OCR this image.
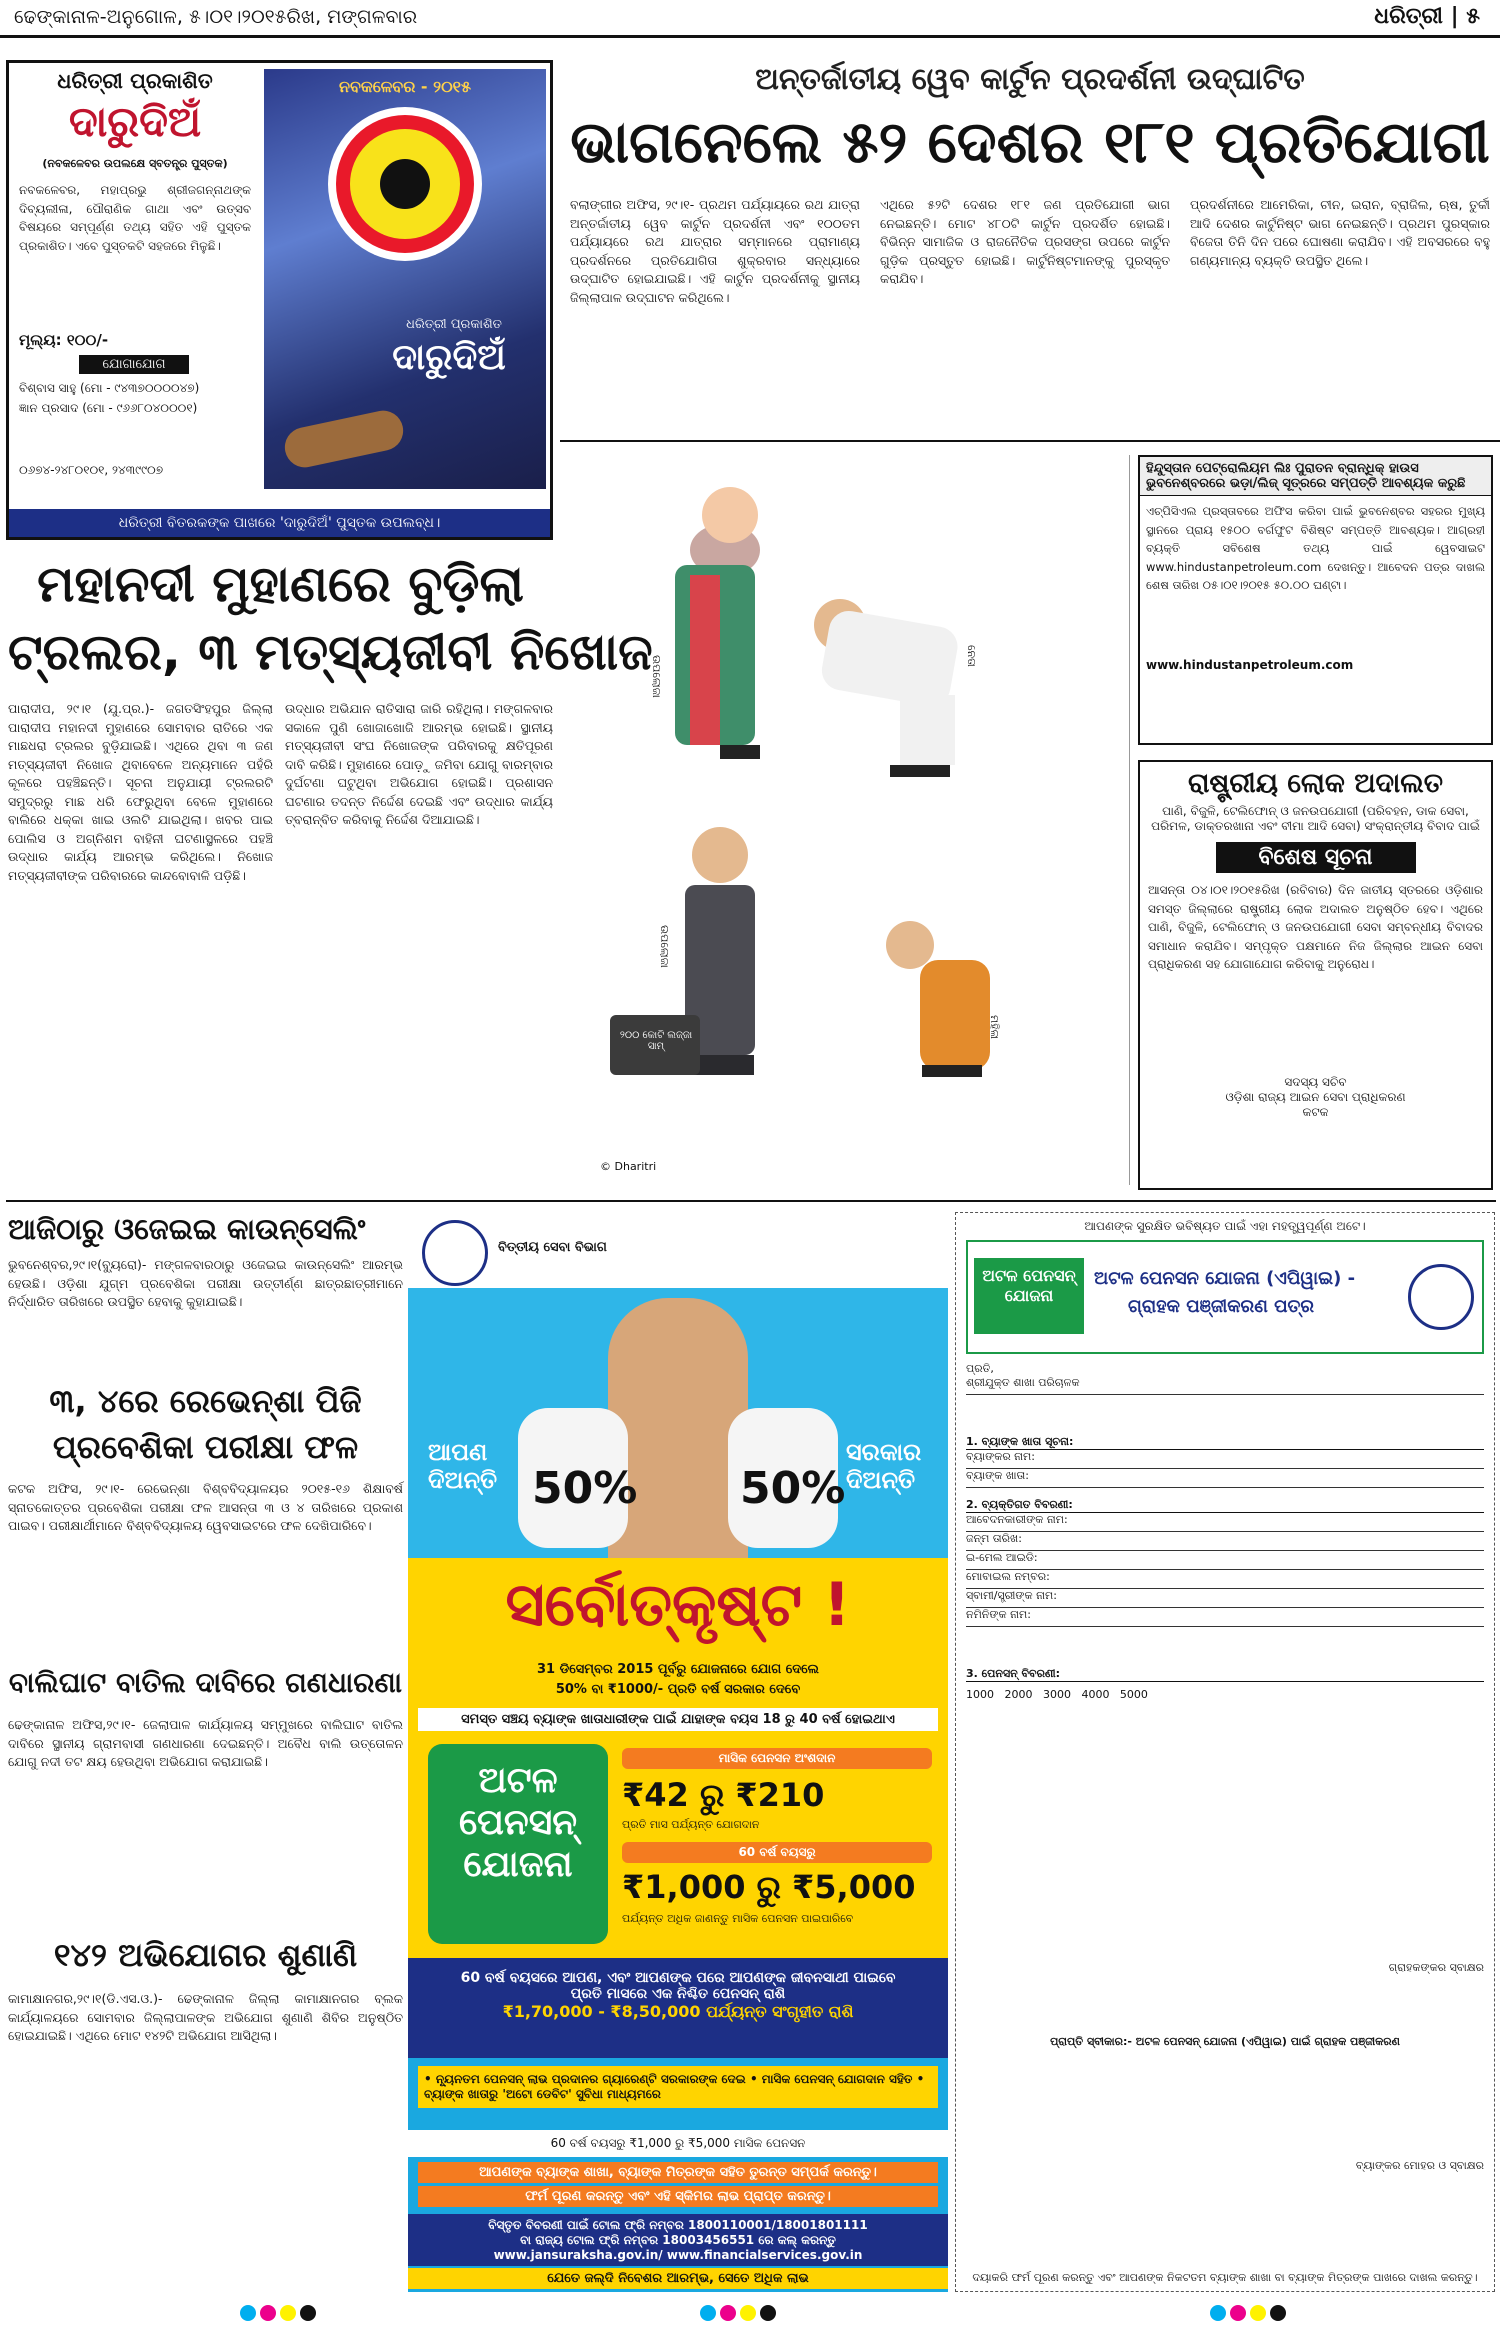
ଢେଙ୍କାନାଳ-ଅନୁଗୋଳ, ୫।୦୧।୨୦୧୫ରିଖ, ମଙ୍ଗଳବାର	ଧରିତ୍ରୀ | ୫
ଧରିତ୍ରୀ ପ୍ରକାଶିତ
ଦାରୁଦିଅଁ
(ନବକଳେବର ଉପଲକ୍ଷେ ସ୍ବତନ୍ତ୍ର ପୁସ୍ତକ)
ନବକଳେବର, ମହାପ୍ରଭୁ ଶ୍ରୀଜଗନ୍ନାଥଙ୍କ ଦିବ୍ୟଲୀଳା, ପୌରାଣିକ ଗାଥା ଏବଂ ଉତ୍ସବ ବିଷୟରେ ସମ୍ପୂର୍ଣ୍ଣ ତଥ୍ୟ ସହିତ ଏହି ପୁସ୍ତକ ପ୍ରକାଶିତ। ଏବେ ପୁସ୍ତକଟି ସହଜରେ ମିଳୁଛି।
ମୂଲ୍ୟ: ୧୦୦/-
ଯୋଗାଯୋଗ
ବିଶ୍ବାସ ସାହୁ (ମୋ - ୯୪୩୭୦୦୦୦୪୭)
ଜ୍ଞାନ ପ୍ରସାଦ (ମୋ - ୯୬୬୮୦୪୦୦୦୧)
୦୬୭୪-୨୪୮୦୧୦୧, ୨୪୩୯୯୦୭
ନବକଳେବର - ୨୦୧୫
ଧରିତ୍ରୀ ପ୍ରକାଶିତ
ଦାରୁଦିଅଁ
ଧରିତ୍ରୀ ବିତରକଙ୍କ ପାଖରେ 'ଦାରୁଦିଅଁ' ପୁସ୍ତକ ଉପଲବ୍ଧ।
ଅନ୍ତର୍ଜାତୀୟ ୱେବ କାର୍ଟୁନ ପ୍ରଦର୍ଶନୀ ଉଦ୍‌ଘାଟିତ
ଭାଗନେଲେ ୫୨ ଦେଶର ୧୮୧ ପ୍ରତିଯୋଗୀ
ବଲାଙ୍ଗୀର ଅଫିସ, ୨୯।୧- ପ୍ରଥମ ପର୍ଯ୍ୟାୟରେ ରଥ ଯାତ୍ରା ଅନ୍ତର୍ଜାତୀୟ ୱେବ କାର୍ଟୁନ ପ୍ରଦର୍ଶନୀ ଏବଂ ୧୦୦ତମ ପର୍ଯ୍ୟାୟରେ ରଥ ଯାତ୍ରାର ସମ୍ମାନରେ ପ୍ରାମାଣ୍ୟ ପ୍ରଦର୍ଶନରେ ପ୍ରତିଯୋଗିତା ଶୁକ୍ରବାର ସନ୍ଧ୍ୟାରେ ଉଦ୍‌ଘାଟିତ ହୋଇଯାଇଛି। ଏହି କାର୍ଟୁନ ପ୍ରଦର୍ଶନୀକୁ ସ୍ଥାନୀୟ ଜିଲ୍ଲାପାଳ ଉଦ୍‌ଘାଟନ କରିଥିଲେ।
ଏଥିରେ ୫୨ଟି ଦେଶର ୧୮୧ ଜଣ ପ୍ରତିଯୋଗୀ ଭାଗ ନେଇଛନ୍ତି। ମୋଟ ୪୮୦ଟି କାର୍ଟୁନ ପ୍ରଦର୍ଶିତ ହୋଇଛି। ବିଭିନ୍ନ ସାମାଜିକ ଓ ରାଜନୈତିକ ପ୍ରସଙ୍ଗ ଉପରେ କାର୍ଟୁନ ଗୁଡ଼ିକ ପ୍ରସ୍ତୁତ ହୋଇଛି। କାର୍ଟୁନିଷ୍ଟମାନଙ୍କୁ ପୁରସ୍କୃତ କରାଯିବ।
ପ୍ରଦର୍ଶନୀରେ ଆମେରିକା, ଚୀନ, ଇରାନ, ବ୍ରାଜିଲ, ଋଷ, ତୁର୍କୀ ଆଦି ଦେଶର କାର୍ଟୁନିଷ୍ଟ ଭାଗ ନେଇଛନ୍ତି। ପ୍ରଥମ ପୁରସ୍କାର ବିଜେତା ତିନି ଦିନ ପରେ ଘୋଷଣା କରାଯିବ। ଏହି ଅବସରରେ ବହୁ ଗଣ୍ୟମାନ୍ୟ ବ୍ୟକ୍ତି ଉପସ୍ଥିତ ଥିଲେ।
ଉପଲୋଜା	ନେତା
ଉପଲୋଜା
ମହିଳା
୨୦୦ କୋଟି ଲଜ୍ଜା ସାମ୍
© Dharitri
ହିନ୍ଦୁସ୍ତାନ ପେଟ୍ରୋଲିୟମ ଲିଃ ପୁରାତନ ବ୍ରାନ୍ଧିକ୍ ହାଉସ ଭୁବନେଶ୍ବରରେ ଭଡ଼ା/ଲିଜ୍ ସୂତ୍ରରେ ସମ୍ପତ୍ତି ଆବଶ୍ୟକ କରୁଛି
ଏଚ୍‌ପିସିଏଲ ପ୍ରସ୍ତାବରେ ଅଫିସ କରିବା ପାଇଁ ଭୁବନେଶ୍ବର ସହରର ମୁଖ୍ୟ ସ୍ଥାନରେ ପ୍ରାୟ ୧୫୦୦ ବର୍ଗଫୁଟ ବିଶିଷ୍ଟ ସମ୍ପତ୍ତି ଆବଶ୍ୟକ। ଆଗ୍ରହୀ ବ୍ୟକ୍ତି ସବିଶେଷ ତଥ୍ୟ ପାଇଁ ୱେବସାଇଟ www.hindustanpetroleum.com ଦେଖନ୍ତୁ। ଆବେଦନ ପତ୍ର ଦାଖଲ ଶେଷ ତାରିଖ ୦୫।୦୧।୨୦୧୫ ୫୦.୦୦ ଘଣ୍ଟା।
www.hindustanpetroleum.com
ରାଷ୍ଟ୍ରୀୟ ଲୋକ ଅଦାଲତ
ପାଣି, ବିଜୁଳି, ଟେଲିଫୋନ୍ ଓ ଜନଉପଯୋଗୀ (ପରିବହନ, ଡାକ ସେବା, ପରିମଳ, ଡାକ୍ତରଖାନା ଏବଂ ବୀମା ଆଦି ସେବା) ସଂକ୍ରାନ୍ତୀୟ ବିବାଦ ପାଇଁ
ବିଶେଷ ସୂଚନା
ଆସନ୍ତା ୦୪।୦୧।୨୦୧୫ରିଖ (ରବିବାର) ଦିନ ଜାତୀୟ ସ୍ତରରେ ଓଡ଼ିଶାର ସମସ୍ତ ଜିଲ୍ଲାରେ ରାଷ୍ଟ୍ରୀୟ ଲୋକ ଅଦାଲତ ଅନୁଷ୍ଠିତ ହେବ। ଏଥିରେ ପାଣି, ବିଜୁଳି, ଟେଲିଫୋନ୍ ଓ ଜନଉପଯୋଗୀ ସେବା ସମ୍ବନ୍ଧୀୟ ବିବାଦର ସମାଧାନ କରାଯିବ। ସମ୍ପୃକ୍ତ ପକ୍ଷମାନେ ନିଜ ଜିଲ୍ଲାର ଆଇନ ସେବା ପ୍ରାଧିକରଣ ସହ ଯୋଗାଯୋଗ କରିବାକୁ ଅନୁରୋଧ।
ସଦସ୍ୟ ସଚିବ
ଓଡ଼ିଶା ରାଜ୍ୟ ଆଇନ ସେବା ପ୍ରାଧିକରଣ
କଟକ
ମହାନଦୀ ମୁହାଣରେ ବୁଡ଼ିଲା
ଟ୍ରଲର, ୩ ମତ୍ସ୍ୟଜୀବୀ ନିଖୋଜ
ପାରାଦୀପ, ୨୯।୧ (ଯୁ.ପ୍ର.)- ଜଗତସିଂହପୁର ଜିଲ୍ଲା ପାରାଦୀପ ମହାନଦୀ ମୁହାଣରେ ସୋମବାର ରାତିରେ ଏକ ମାଛଧରା ଟ୍ରଲର ବୁଡ଼ିଯାଇଛି। ଏଥିରେ ଥିବା ୩ ଜଣ ମତ୍ସ୍ୟଜୀବୀ ନିଖୋଜ ଥିବାବେଳେ ଅନ୍ୟମାନେ ପହଁରି କୂଳରେ ପହଞ୍ଚିଛନ୍ତି। ସୂଚନା ଅନୁଯାୟୀ ଟ୍ରଲରଟି ସମୁଦ୍ରରୁ ମାଛ ଧରି ଫେରୁଥିବା ବେଳେ ମୁହାଣରେ ବାଲିରେ ଧକ୍କା ଖାଇ ଓଲଟି ଯାଇଥିଲା। ଖବର ପାଇ ପୋଲିସ ଓ ଅଗ୍ନିଶମ ବାହିନୀ ଘଟଣାସ୍ଥଳରେ ପହଞ୍ଚି ଉଦ୍ଧାର କାର୍ଯ୍ୟ ଆରମ୍ଭ କରିଥିଲେ। ନିଖୋଜ ମତ୍ସ୍ୟଜୀବୀଙ୍କ ପରିବାରରେ କାନ୍ଦବୋବାଳି ପଡ଼ିଛି।
ଉଦ୍ଧାର ଅଭିଯାନ ରାତିସାରା ଜାରି ରହିଥିଲା। ମଙ୍ଗଳବାର ସକାଳେ ପୁଣି ଖୋଜାଖୋଜି ଆରମ୍ଭ ହୋଇଛି। ସ୍ଥାନୀୟ ମତ୍ସ୍ୟଜୀବୀ ସଂଘ ନିଖୋଜଙ୍କ ପରିବାରକୁ କ୍ଷତିପୂରଣ ଦାବି କରିଛି। ମୁହାଣରେ ପୋଡ଼ୁ ଜମିବା ଯୋଗୁ ବାରମ୍ବାର ଦୁର୍ଘଟଣା ଘଟୁଥିବା ଅଭିଯୋଗ ହୋଇଛି। ପ୍ରଶାସନ ଘଟଣାର ତଦନ୍ତ ନିର୍ଦ୍ଦେଶ ଦେଇଛି ଏବଂ ଉଦ୍ଧାର କାର୍ଯ୍ୟ ତ୍ବରାନ୍ବିତ କରିବାକୁ ନିର୍ଦ୍ଦେଶ ଦିଆଯାଇଛି।
ଆଜିଠାରୁ ଓଜେଇଇ କାଉନ୍‌ସେଲିଂ
ଭୁବନେଶ୍ବର,୨୯।୧(ବ୍ୟୁରୋ)- ମଙ୍ଗଳବାରଠାରୁ ଓଜେଇଇ କାଉନ୍‌ସେଲିଂ ଆରମ୍ଭ ହେଉଛି। ଓଡ଼ିଶା ଯୁଗ୍ମ ପ୍ରବେଶିକା ପରୀକ୍ଷା ଉତ୍ତୀର୍ଣ୍ଣ ଛାତ୍ରଛାତ୍ରୀମାନେ ନିର୍ଦ୍ଧାରିତ ତାରିଖରେ ଉପସ୍ଥିତ ହେବାକୁ କୁହାଯାଇଛି।
୩, ୪ରେ ରେଭେନ୍‌ଶା ପିଜି
ପ୍ରବେଶିକା ପରୀକ୍ଷା ଫଳ
କଟକ ଅଫିସ, ୨୯।୧- ରେଭେନ୍‌ଶା ବିଶ୍ବବିଦ୍ୟାଳୟର ୨୦୧୫-୧୬ ଶିକ୍ଷାବର୍ଷ ସ୍ନାତକୋତ୍ତର ପ୍ରବେଶିକା ପରୀକ୍ଷା ଫଳ ଆସନ୍ତା ୩ ଓ ୪ ତାରିଖରେ ପ୍ରକାଶ ପାଇବ। ପରୀକ୍ଷାର୍ଥୀମାନେ ବିଶ୍ବବିଦ୍ୟାଳୟ ୱେବସାଇଟରେ ଫଳ ଦେଖିପାରିବେ।
ବାଲିଘାଟ ବାତିଲ ଦାବିରେ ଗଣଧାରଣା
ଢେଙ୍କାନାଳ ଅଫିସ,୨୯।୧- ଜେଲାପାଳ କାର୍ଯ୍ୟାଳୟ ସମ୍ମୁଖରେ ବାଲିଘାଟ ବାତିଲ ଦାବିରେ ସ୍ଥାନୀୟ ଗ୍ରାମବାସୀ ଗଣଧାରଣା ଦେଇଛନ୍ତି। ଅବୈଧ ବାଲି ଉତ୍ତୋଳନ ଯୋଗୁ ନଦୀ ତଟ କ୍ଷୟ ହେଉଥିବା ଅଭିଯୋଗ କରାଯାଇଛି।
୧୪୨ ଅଭିଯୋଗର ଶୁଣାଣି
କାମାକ୍ଷାନଗର,୨୯।୧(ଡି.ଏସ.ଓ.)- ଢେଙ୍କାନାଳ ଜିଲ୍ଲା କାମାକ୍ଷାନଗର ବ୍ଲକ କାର୍ଯ୍ୟାଳୟରେ ସୋମବାର ଜିଲ୍ଲାପାଳଙ୍କ ଅଭିଯୋଗ ଶୁଣାଣି ଶିବିର ଅନୁଷ୍ଠିତ ହୋଇଯାଇଛି। ଏଥିରେ ମୋଟ ୧୪୨ଟି ଅଭିଯୋଗ ଆସିଥିଲା।
ବିତ୍ତୀୟ ସେବା ବିଭାଗ
ଆପଣ ଦିଅନ୍ତି 50% 50%
ସରକାର ଦିଅନ୍ତି
ସର୍ବୋତ୍କୃଷ୍ଟ !
31 ଡିସେମ୍ବର 2015 ପୂର୍ବରୁ ଯୋଜନାରେ ଯୋଗ ଦେଲେ
50% ବା ₹1000/- ପ୍ରତି ବର୍ଷ ସରକାର ଦେବେ
ସମସ୍ତ ସଞ୍ଚୟ ବ୍ୟାଙ୍କ ଖାତାଧାରୀଙ୍କ ପାଇଁ ଯାହାଙ୍କ ବୟସ 18 ରୁ 40 ବର୍ଷ ହୋଇଥାଏ
ଅଟଳ
ପେନସନ୍
ଯୋଜନା
ମାସିକ ପେନସନ ଅଂଶଦାନ
₹42 ରୁ ₹210
ପ୍ରତି ମାସ ପର୍ଯ୍ୟନ୍ତ ଯୋଗଦାନ
60 ବର୍ଷ ବୟସରୁ
₹1,000 ରୁ ₹5,000
ପର୍ଯ୍ୟନ୍ତ ଅଧିକ ଜାଣନ୍ତୁ ମାସିକ ପେନସନ ପାଇପାରିବେ
60 ବର୍ଷ ବୟସରେ ଆପଣ, ଏବଂ ଆପଣଙ୍କ ପରେ ଆପଣଙ୍କ ଜୀବନସାଥୀ ପାଇବେ
ପ୍ରତି ମାସରେ ଏକ ନିଶ୍ଚିତ ପେନସନ୍ ରାଶି
₹1,70,000 - ₹8,50,000 ପର୍ଯ୍ୟନ୍ତ ସଂଗୃହୀତ ରାଶି
• ନ୍ୟୂନତମ ପେନସନ୍ ଲାଭ ପ୍ରଦାନର ଗ୍ୟାରେଣ୍ଟି ସରକାରଙ୍କ ଦେଇ • ମାସିକ ପେନସନ୍ ଯୋଗଦାନ ସହିତ • ବ୍ୟାଙ୍କ ଖାତାରୁ 'ଅଟୋ ଡେବିଟ' ସୁବିଧା ମାଧ୍ୟମରେ
60 ବର୍ଷ ବୟସରୁ ₹1,000 ରୁ ₹5,000 ମାସିକ ପେନସନ
ଆପଣଙ୍କ ବ୍ୟାଙ୍କ ଶାଖା, ବ୍ୟାଙ୍କ ମିତ୍ରଙ୍କ ସହିତ ତୁରନ୍ତ ସମ୍ପର୍କ କରନ୍ତୁ।
ଫର୍ମ ପୂରଣ କରନ୍ତୁ ଏବଂ ଏହି ସ୍କିମର ଲାଭ ପ୍ରାପ୍ତ କରନ୍ତୁ।
ବିସ୍ତୃତ ବିବରଣୀ ପାଇଁ ଟୋଲ ଫ୍ରି ନମ୍ବର 1800110001/18001801111
ବା ରାଜ୍ୟ ଟୋଲ ଫ୍ରି ନମ୍ବର 18003456551 ରେ କଲ୍ କରନ୍ତୁ
www.jansuraksha.gov.in/ www.financialservices.gov.in
ଯେତେ ଜଲ୍‌ଦି ନିବେଶର ଆରମ୍ଭ, ସେତେ ଅଧିକ ଲାଭ
ଆପଣଙ୍କ ସୁରକ୍ଷିତ ଭବିଷ୍ୟତ ପାଇଁ ଏହା ମହତ୍ତ୍ୱପୂର୍ଣ୍ଣ ଅଟେ।
ଅଟଳ ପେନସନ୍ ଯୋଜନା
ଅଟଳ ପେନସନ ଯୋଜନା (ଏପିୱାଇ) -
ଗ୍ରାହକ ପଞ୍ଜୀକରଣ ପତ୍ର
ପ୍ରତି,
ଶ୍ରୀଯୁକ୍ତ ଶାଖା ପରିଚାଳକ
1. ବ୍ୟାଙ୍କ ଖାତା ସୂଚନା:
ବ୍ୟାଙ୍କର ନାମ:
ବ୍ୟାଙ୍କ ଖାତା:
2. ବ୍ୟକ୍ତିଗତ ବିବରଣୀ:
ଆବେଦନକାରୀଙ୍କ ନାମ:
ଜନ୍ମ ତାରିଖ:
ଇ-ମେଲ ଆଇଡି:
ମୋବାଇଲ ନମ୍ବର:
ସ୍ବାମୀ/ସ୍ତ୍ରୀଙ୍କ ନାମ:
ନମିନିଙ୍କ ନାମ:
3. ପେନସନ୍ ବିବରଣୀ:
1000   2000   3000   4000   5000
ଗ୍ରାହକଙ୍କର ସ୍ବାକ୍ଷର
ପ୍ରାପ୍ତି ସ୍ବୀକାର:- ଅଟଳ ପେନସନ୍ ଯୋଜନା (ଏପିୱାଇ) ପାଇଁ ଗ୍ରାହକ ପଞ୍ଜୀକରଣ
ବ୍ୟାଙ୍କର ମୋହର ଓ ସ୍ବାକ୍ଷର
ଦୟାକରି ଫର୍ମ ପୂରଣ କରନ୍ତୁ ଏବଂ ଆପଣଙ୍କ ନିକଟତମ ବ୍ୟାଙ୍କ ଶାଖା ବା ବ୍ୟାଙ୍କ ମିତ୍ରଙ୍କ ପାଖରେ ଦାଖଲ କରନ୍ତୁ।
